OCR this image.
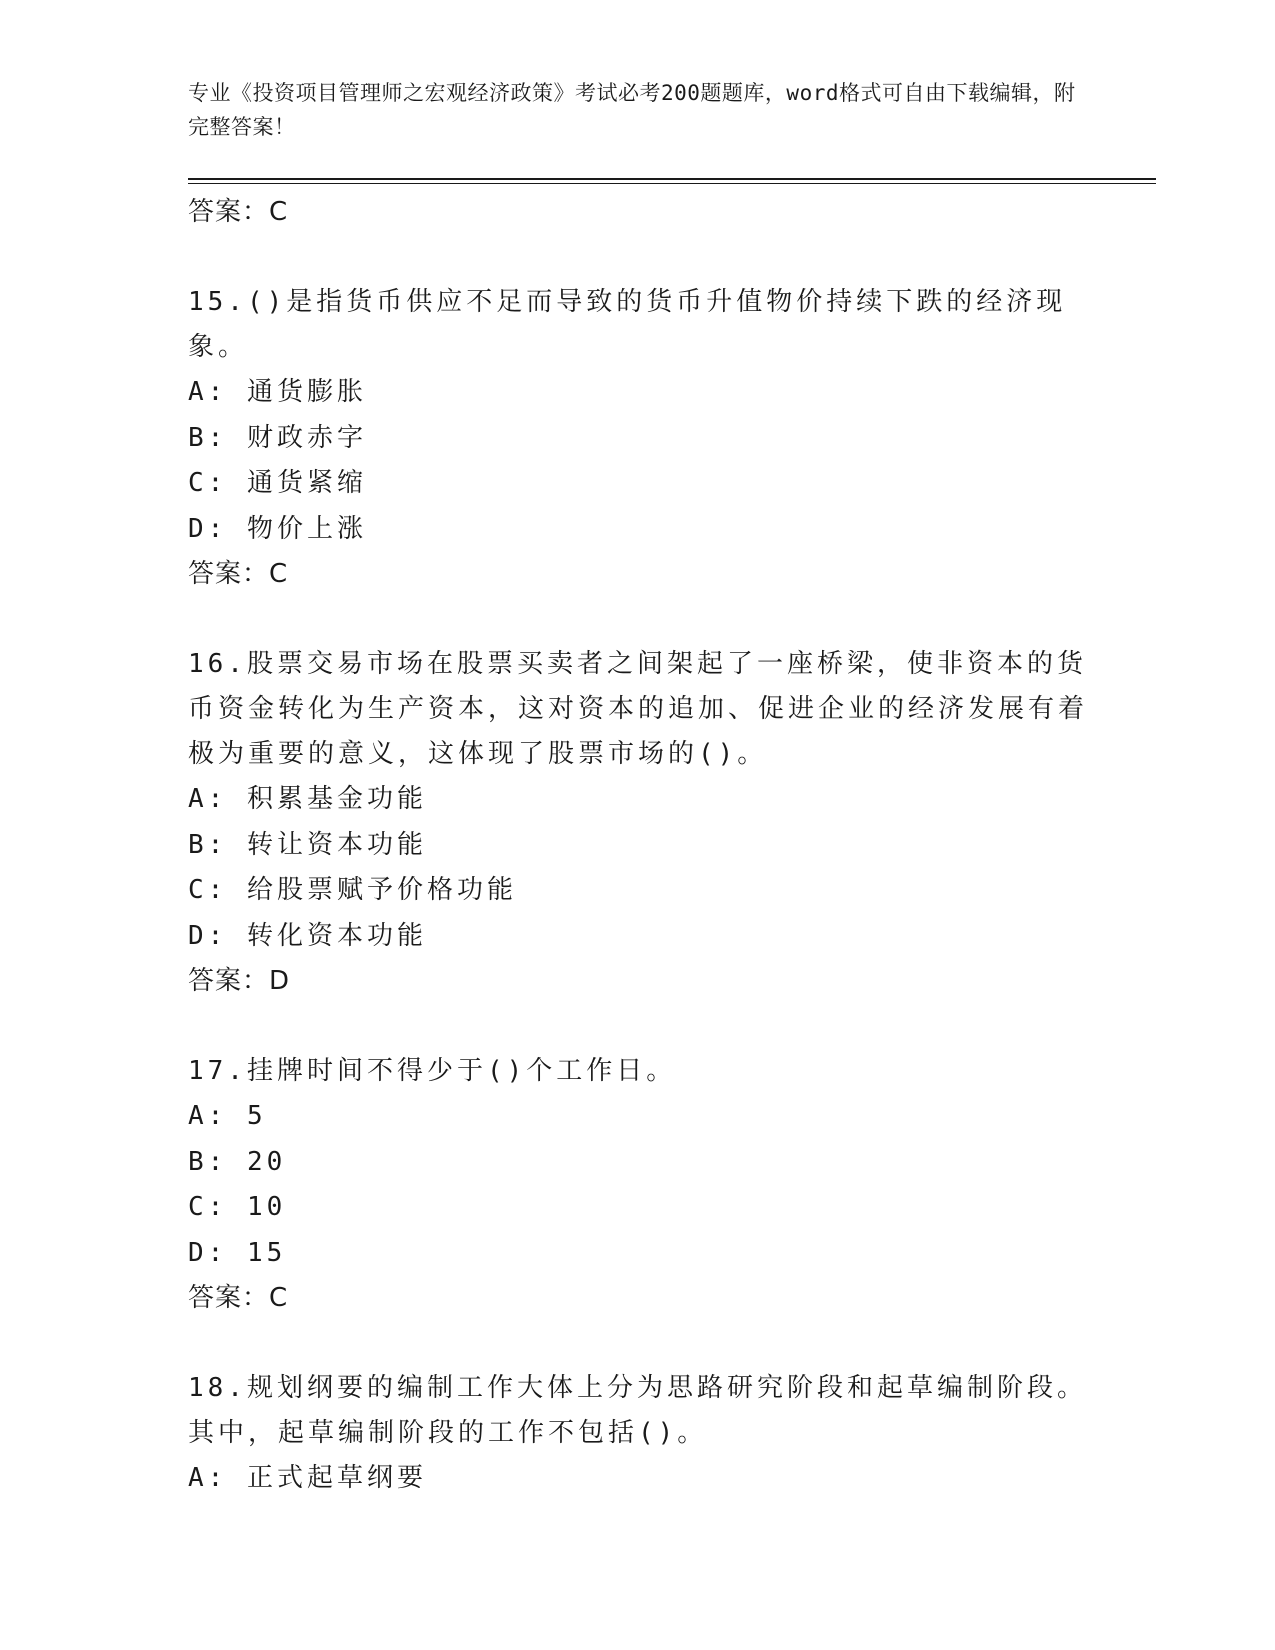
专业《投资项目管理师之宏观经济政策》考试必考200题题库，word格式可自由下载编辑，附完整答案！
答案：C
15.()是指货币供应不足而导致的货币升值物价持续下跌的经济现象。
A: 通货膨胀
B: 财政赤字
C: 通货紧缩
D: 物价上涨
答案：C
16.股票交易市场在股票买卖者之间架起了一座桥梁，使非资本的货币资金转化为生产资本，这对资本的追加、促进企业的经济发展有着极为重要的意义，这体现了股票市场的()。
A: 积累基金功能
B: 转让资本功能
C: 给股票赋予价格功能
D: 转化资本功能
答案：D
17.挂牌时间不得少于()个工作日。
A: 5
B: 20
C: 10
D: 15
答案：C
18.规划纲要的编制工作大体上分为思路研究阶段和起草编制阶段。其中，起草编制阶段的工作不包括()。
A: 正式起草纲要
